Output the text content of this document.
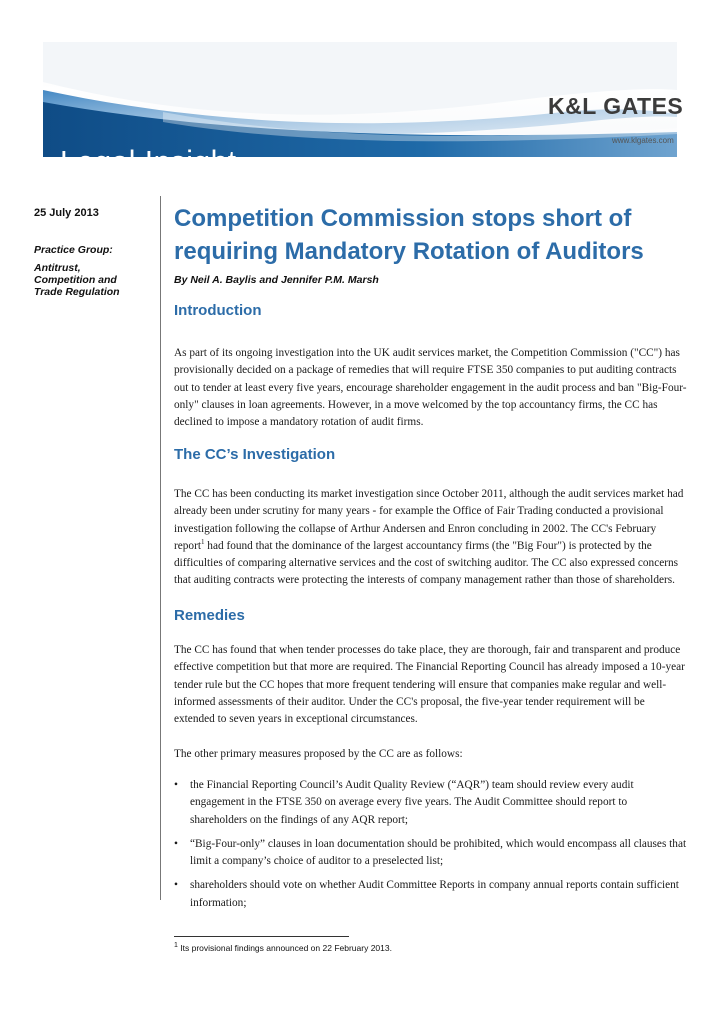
Legal Insight
K&L GATES
www.klgates.com
25 July 2013
Practice Group:
Antitrust,
Competition and
Trade Regulation
Competition Commission stops short of requiring Mandatory Rotation of Auditors
By Neil A. Baylis and Jennifer P.M. Marsh
Introduction

As part of its ongoing investigation into the UK audit services market, the Competition Commission ("CC") has provisionally decided on a package of remedies that will require FTSE 350 companies to put auditing contracts out to tender at least every five years, encourage shareholder engagement in the audit process and ban "Big-Four-only" clauses in loan agreements. However, in a move welcomed by the top accountancy firms, the CC has declined to impose a mandatory rotation of audit firms.

The CC’s Investigation

The CC has been conducting its market investigation since October 2011, although the audit services market had already been under scrutiny for many years - for example the Office of Fair Trading conducted a provisional investigation following the collapse of Arthur Andersen and Enron concluding in 2002. The CC's February report$^1$ had found that the dominance of the largest accountancy firms (the "Big Four") is protected by the difficulties of comparing alternative services and the cost of switching auditor. The CC also expressed concerns that auditing contracts were protecting the interests of company management rather than those of shareholders.

Remedies

The CC has found that when tender processes do take place, they are thorough, fair and transparent and produce effective competition but that more are required. The Financial Reporting Council has already imposed a 10-year tender rule but the CC hopes that more frequent tendering will ensure that companies make regular and well-informed assessments of their auditor. Under the CC's proposal, the five-year tender requirement will be extended to seven years in exceptional circumstances.

The other primary measures proposed by the CC are as follows:

• the Financial Reporting Council’s Audit Quality Review (“AQR”) team should review every audit engagement in the FTSE 350 on average every five years. The Audit Committee should report to shareholders on the findings of any AQR report;
• “Big-Four-only” clauses in loan documentation should be prohibited, which would encompass all clauses that limit a company’s choice of auditor to a preselected list;
• shareholders should vote on whether Audit Committee Reports in company annual reports contain sufficient information;
$^1$ Its provisional findings announced on 22 February 2013.
